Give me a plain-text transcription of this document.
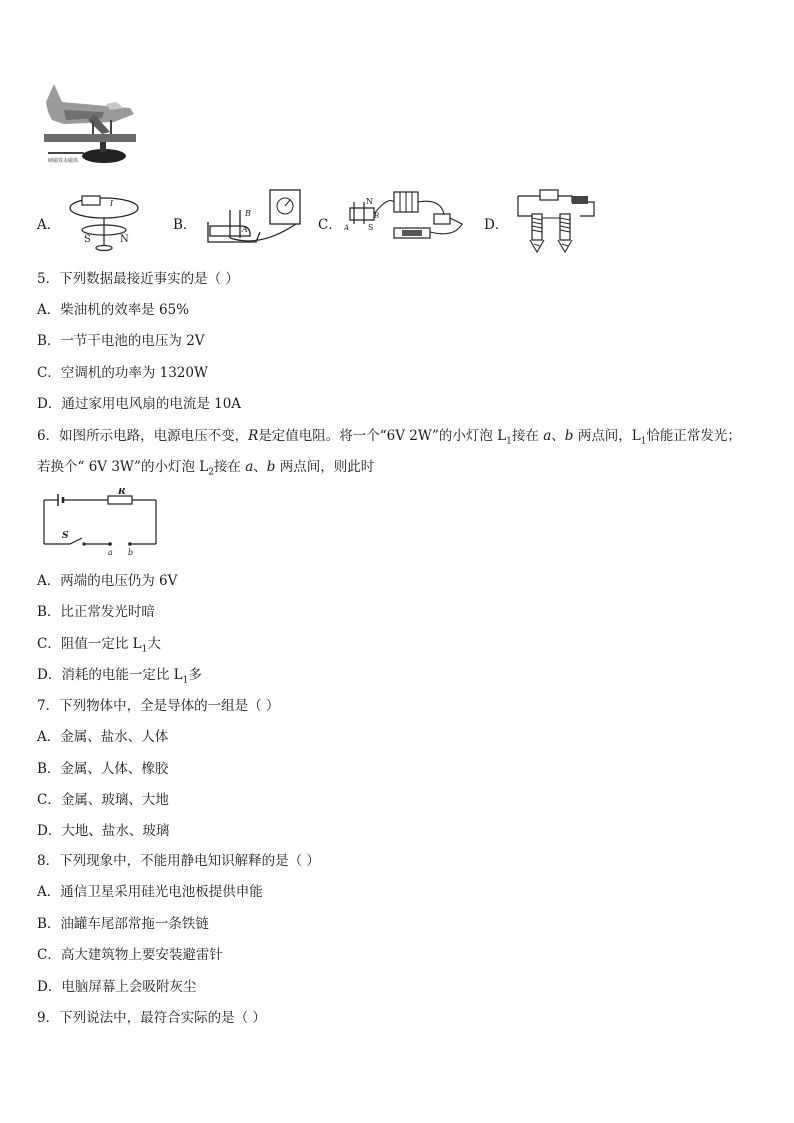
硬磁铁永磁体
A．
I
S	N
B．
B
A	C．
N
S
A
B
D．
5．下列数据最接近事实的是（ ）
A．柴油机的效率是 65%
B．一节干电池的电压为 2V
C．空调机的功率为 1320W
D．通过家用电风扇的电流是 10A
6．如图所示电路，电源电压不变，R是定值电阻。将一个“6V 2W”的小灯泡 $L_1$接在 a、b 两点间，$L_1$恰能正常发光；
若换个“ 6V 3W”的小灯泡 $L_2$接在 a、b 两点间，则此时
R
S
a b
A．两端的电压仍为 6V
B．比正常发光时暗
C．阻值一定比 $L_1$大
D．消耗的电能一定比 $L_1$多
7．下列物体中，全是导体的一组是（ ）
A．金属、盐水、人体
B．金属、人体、橡胶
C．金属、玻璃、大地
D．大地、盐水、玻璃
8．下列现象中，不能用静电知识解释的是（ ）
A．通信卫星采用硅光电池板提供申能
B．油罐车尾部常拖一条铁链
C．高大建筑物上要安装避雷针
D．电脑屏幕上会吸附灰尘
9．下列说法中，最符合实际的是（ ）
